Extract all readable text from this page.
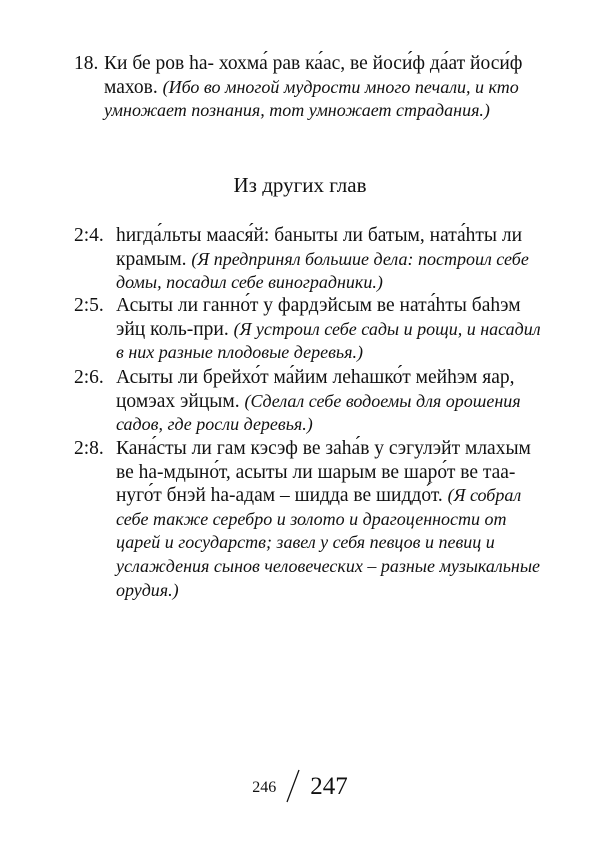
18. Ки бе ров hа- хохма́ рав ка́ас, ве йоси́ф да́ат йоси́ф махов. (Ибо во многой мудрости много печали, и кто умножает познания, тот умножает страдания.)
Из других глав
2:4. hигда́льты маася́й: баныты ли батым, ната́hты ли крамым. (Я предпринял большие дела: построил себе домы, посадил себе виноградники.)
2:5. Асыты ли ганно́т у фардэйсым ве ната́hты баhэм эйц коль-при. (Я устроил себе сады и рощи, и насадил в них разные плодовые деревья.)
2:6. Асыты ли брейхо́т ма́йим леhашко́т мейhэм яар, цомэах эйцым. (Сделал себе водоемы для орошения садов, где росли деревья.)
2:8. Кана́сты ли гам кэсэф ве заhа́в у сэгулэйт млахым ве hа-мдыно́т, асыты ли шарым ве шаро́т ве таа-нуго́т бнэй hа-адам – шидда ве шиддо́т. (Я собрал себе также серебро и золото и драгоценности от царей и государств; завел у себя певцов и певиц и услаждения сынов человеческих – разные музыкальные орудия.)
246 247
